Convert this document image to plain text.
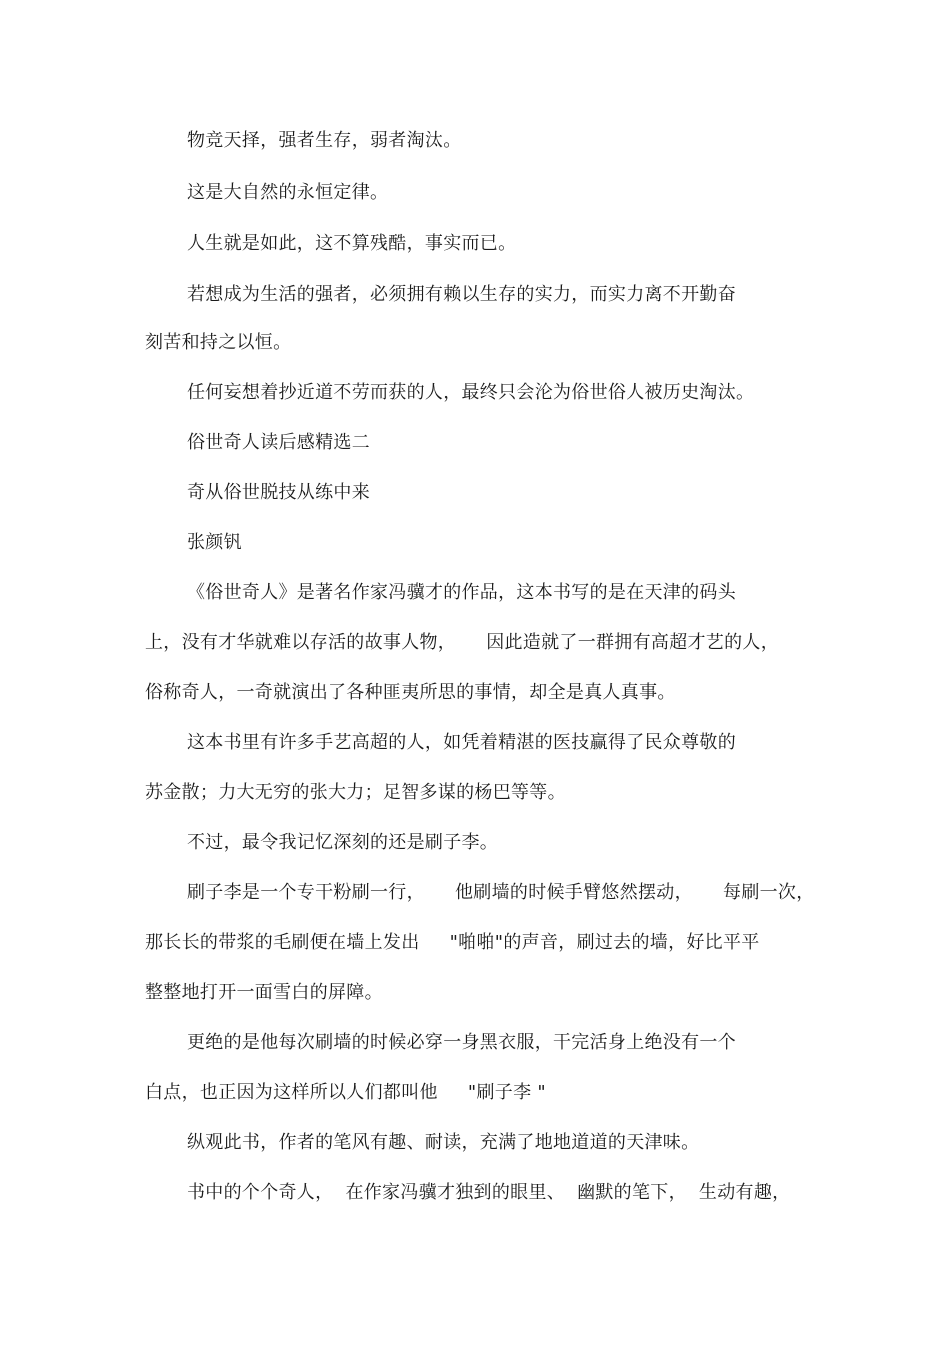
物竞天择，强者生存，弱者淘汰。
这是大自然的永恒定律。
人生就是如此，这不算残酷，事实而已。
若想成为生活的强者，必须拥有赖以生存的实力，而实力离不开勤奋
刻苦和持之以恒。
任何妄想着抄近道不劳而获的人，最终只会沦为俗世俗人被历史淘汰。
俗世奇人读后感精选二
奇从俗世脱技从练中来
张颜钒
《俗世奇人》是著名作家冯骥才的作品，这本书写的是在天津的码头
上，没有才华就难以存活的故事人物，     因此造就了一群拥有高超才艺的人，
俗称奇人，一奇就演出了各种匪夷所思的事情，却全是真人真事。
这本书里有许多手艺高超的人，如凭着精湛的医技赢得了民众尊敬的
苏金散；力大无穷的张大力；足智多谋的杨巴等等。
不过，最令我记忆深刻的还是刷子李。
刷子李是一个专干粉刷一行，     他刷墙的时候手臂悠然摆动，     每刷一次，
那长长的带浆的毛刷便在墙上发出     "啪啪"的声音，刷过去的墙，好比平平
整整地打开一面雪白的屏障。
更绝的是他每次刷墙的时候必穿一身黑衣服，干完活身上绝没有一个
白点，也正因为这样所以人们都叫他     "刷子李 "
纵观此书，作者的笔风有趣、耐读，充满了地地道道的天津味。
书中的个个奇人，  在作家冯骥才独到的眼里、  幽默的笔下，  生动有趣，
